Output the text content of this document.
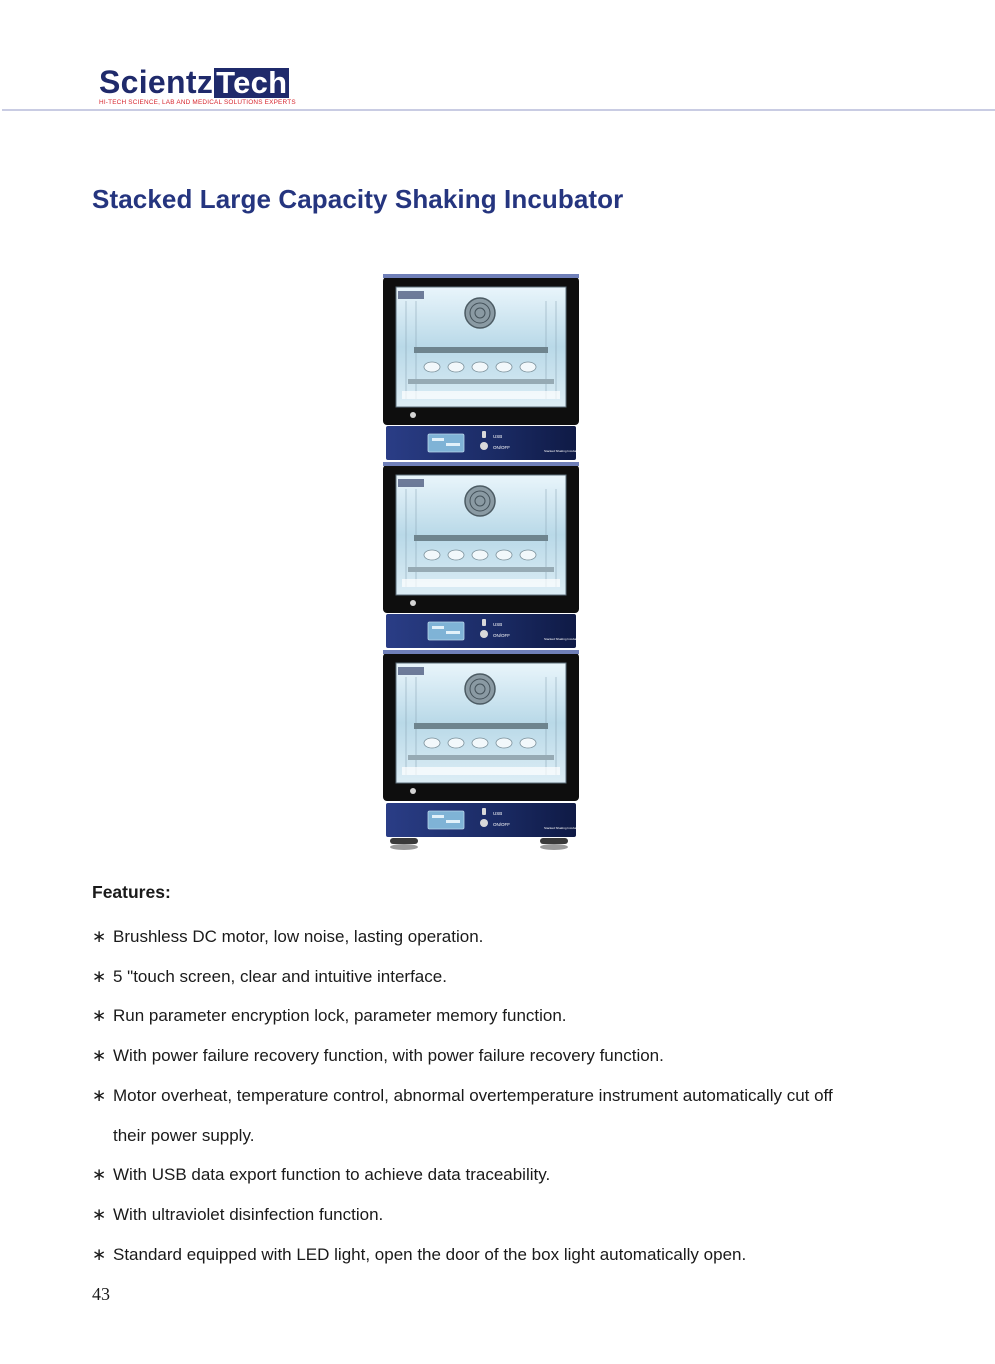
Scientz Tech
HI-TECH SCIENCE, LAB AND MEDICAL SOLUTIONS EXPERTS
Stacked Large Capacity Shaking Incubator
Features:
∗ Brushless DC motor, low noise, lasting operation.
∗ 5 "touch screen, clear and intuitive interface.
∗ Run parameter encryption lock, parameter memory function.
∗ With power failure recovery function, with power failure recovery function.
∗ Motor overheat, temperature control, abnormal overtemperature instrument automatically cut off their power supply.
∗ With USB data export function to achieve data traceability.
∗ With ultraviolet disinfection function.
∗ Standard equipped with LED light, open the door of the box light automatically open.
43
